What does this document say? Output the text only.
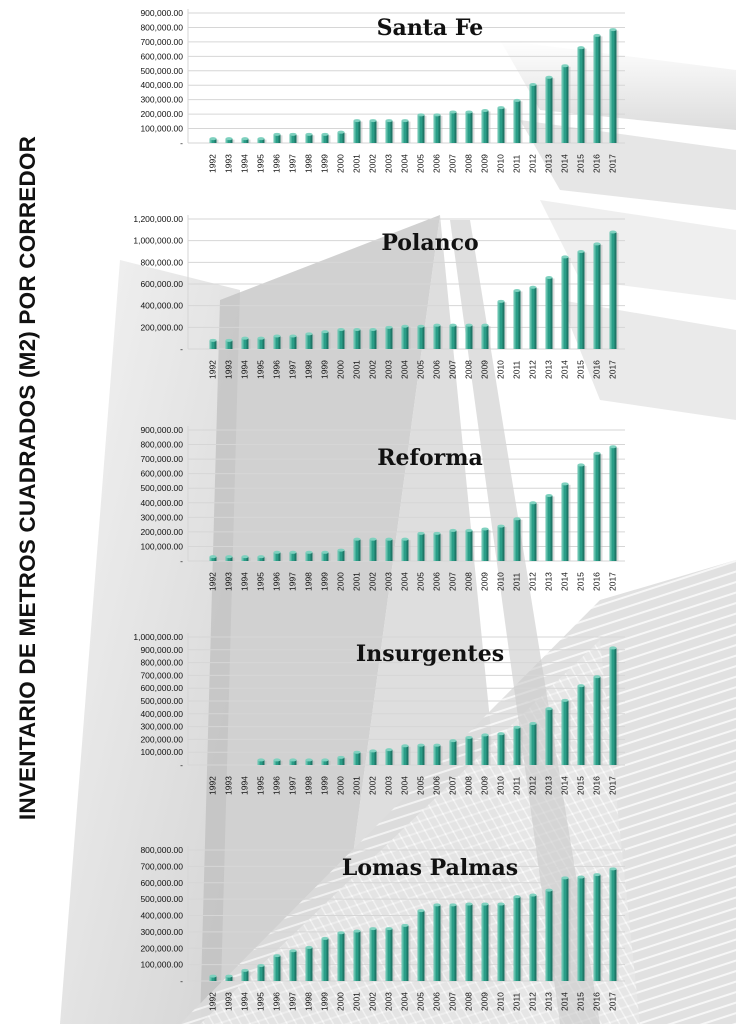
INVENTARIO DE METROS CUADRADOS (M2) POR CORREDOR	-
100,000.00
200,000.00
300,000.00
400,000.00
500,000.00
600,000.00
700,000.00
800,000.00
900,000.00
1992 1993 1994 1995 1996 1997 1998 1999 2000 2001 2002 2003 2004 2005 2006 2007 2008 2009 2010 2011 2012 2013 2014 2015 2016 2017
Santa Fe
-
200,000.00
400,000.00
600,000.00
800,000.00
1,000,000.00
1,200,000.00
1992 1993 1994 1995 1996 1997 1998 1999 2000 2001 2002 2003 2004 2005 2006 2007 2008 2009 2010 2011 2012 2013 2014 2015 2016 2017
Polanco
-
100,000.00
200,000.00
300,000.00
400,000.00
500,000.00
600,000.00
700,000.00
800,000.00
900,000.00
1992 1993 1994 1995 1996 1997 1998 1999 2000 2001 2002 2003 2004 2005 2006 2007 2008 2009 2010 2011 2012 2013 2014 2015 2016 2017
Reforma
-
100,000.00
200,000.00
300,000.00
400,000.00
500,000.00
600,000.00
700,000.00
800,000.00
900,000.00
1,000,000.00
1992 1993 1994 1995 1996 1997 1998 1999 2000 2001 2002 2003 2004 2005 2006 2007 2008 2009 2010 2011 2012 2013 2014 2015 2016 2017
Insurgentes
-
100,000.00
200,000.00
300,000.00
400,000.00
500,000.00
600,000.00
700,000.00
800,000.00
1992 1993 1994 1995 1996 1997 1998 1999 2000 2001 2002 2003 2004 2005 2006 2007 2008 2009 2010 2011 2012 2013 2014 2015 2016 2017
Lomas Palmas
